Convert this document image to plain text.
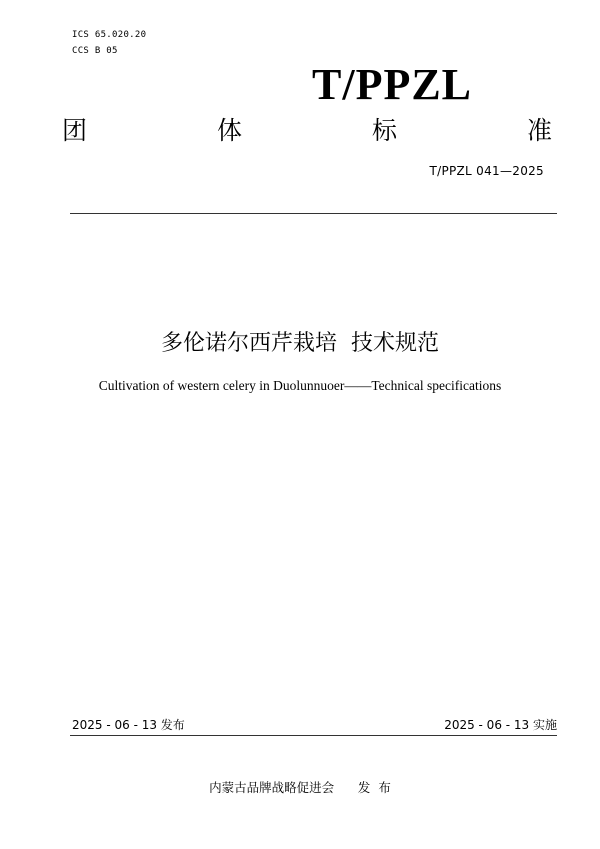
ICS 65.020.20
CCS B 05
T/PPZL
团	体	标	准
T/PPZL 041—2025
多伦诺尔西芹栽培  技术规范
Cultivation of western celery in Duolunnuoer——Technical specifications
2025 - 06 - 13 发布	2025 - 06 - 13 实施
内蒙古品牌战略促进会      发  布
